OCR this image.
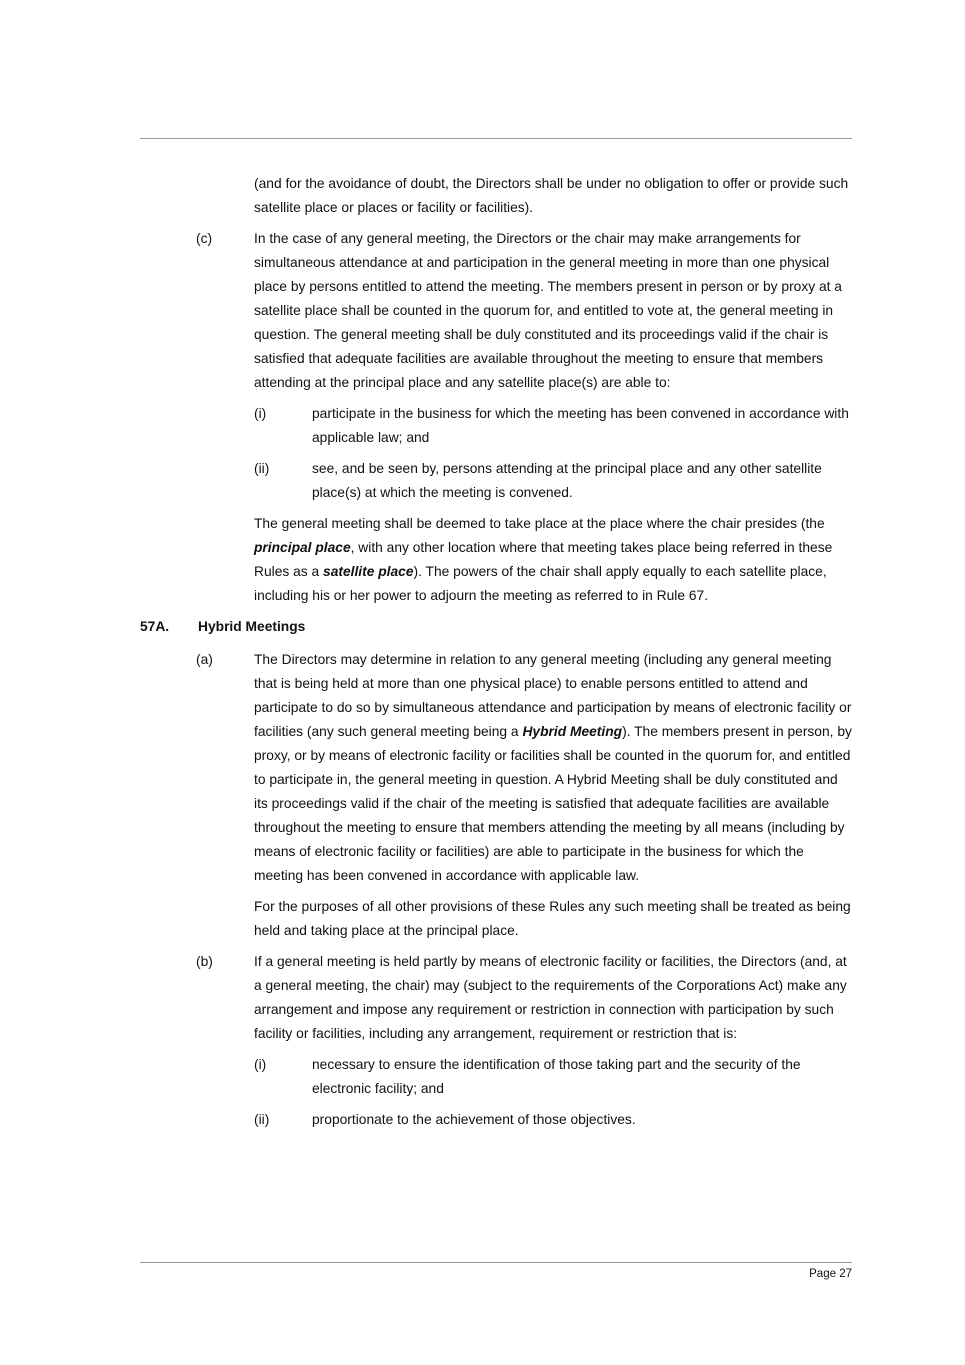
(and for the avoidance of doubt, the Directors shall be under no obligation to offer or provide such satellite place or places or facility or facilities).
(c)	In the case of any general meeting, the Directors or the chair may make arrangements for simultaneous attendance at and participation in the general meeting in more than one physical place by persons entitled to attend the meeting. The members present in person or by proxy at a satellite place shall be counted in the quorum for, and entitled to vote at, the general meeting in question. The general meeting shall be duly constituted and its proceedings valid if the chair is satisfied that adequate facilities are available throughout the meeting to ensure that members attending at the principal place and any satellite place(s) are able to:
(i)	participate in the business for which the meeting has been convened in accordance with applicable law; and
(ii)	see, and be seen by, persons attending at the principal place and any other satellite place(s) at which the meeting is convened.
The general meeting shall be deemed to take place at the place where the chair presides (the principal place, with any other location where that meeting takes place being referred in these Rules as a satellite place). The powers of the chair shall apply equally to each satellite place, including his or her power to adjourn the meeting as referred to in Rule 67.
57A.	Hybrid Meetings
(a)	The Directors may determine in relation to any general meeting (including any general meeting that is being held at more than one physical place) to enable persons entitled to attend and participate to do so by simultaneous attendance and participation by means of electronic facility or facilities (any such general meeting being a Hybrid Meeting). The members present in person, by proxy, or by means of electronic facility or facilities shall be counted in the quorum for, and entitled to participate in, the general meeting in question. A Hybrid Meeting shall be duly constituted and its proceedings valid if the chair of the meeting is satisfied that adequate facilities are available throughout the meeting to ensure that members attending the meeting by all means (including by means of electronic facility or facilities) are able to participate in the business for which the meeting has been convened in accordance with applicable law.
For the purposes of all other provisions of these Rules any such meeting shall be treated as being held and taking place at the principal place.
(b)	If a general meeting is held partly by means of electronic facility or facilities, the Directors (and, at a general meeting, the chair) may (subject to the requirements of the Corporations Act) make any arrangement and impose any requirement or restriction in connection with participation by such facility or facilities, including any arrangement, requirement or restriction that is:
(i)	necessary to ensure the identification of those taking part and the security of the electronic facility; and
(ii)	proportionate to the achievement of those objectives.
Page 27
